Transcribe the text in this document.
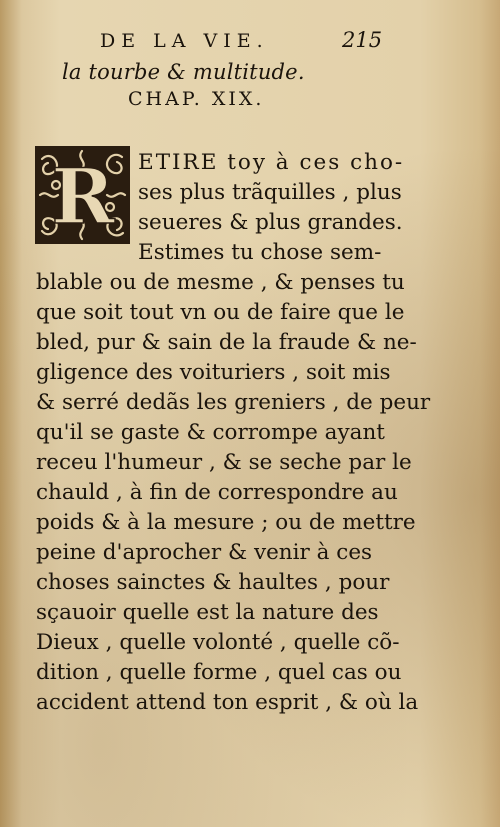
DE LA VIE.	215
la tourbe & multitude.
CHAP. XIX.
R ETIRE toy à ces cho-
ses plus trãquilles , plus
seueres & plus grandes.
Estimes tu chose sem-
blable ou de mesme , & penses tu
que soit tout vn ou de faire que le
bled, pur & sain de la fraude & ne-
gligence des voituriers , soit mis
& serré dedãs les greniers , de peur
qu'il se gaste & corrompe ayant
receu l'humeur , & se seche par le
chauld , à fin de correspondre au
poids & à la mesure ; ou de mettre
peine d'aprocher & venir à ces
choses sainctes & haultes , pour
sçauoir quelle est la nature des
Dieux , quelle volonté , quelle cõ-
dition , quelle forme , quel cas ou
accident attend ton esprit , & où la
